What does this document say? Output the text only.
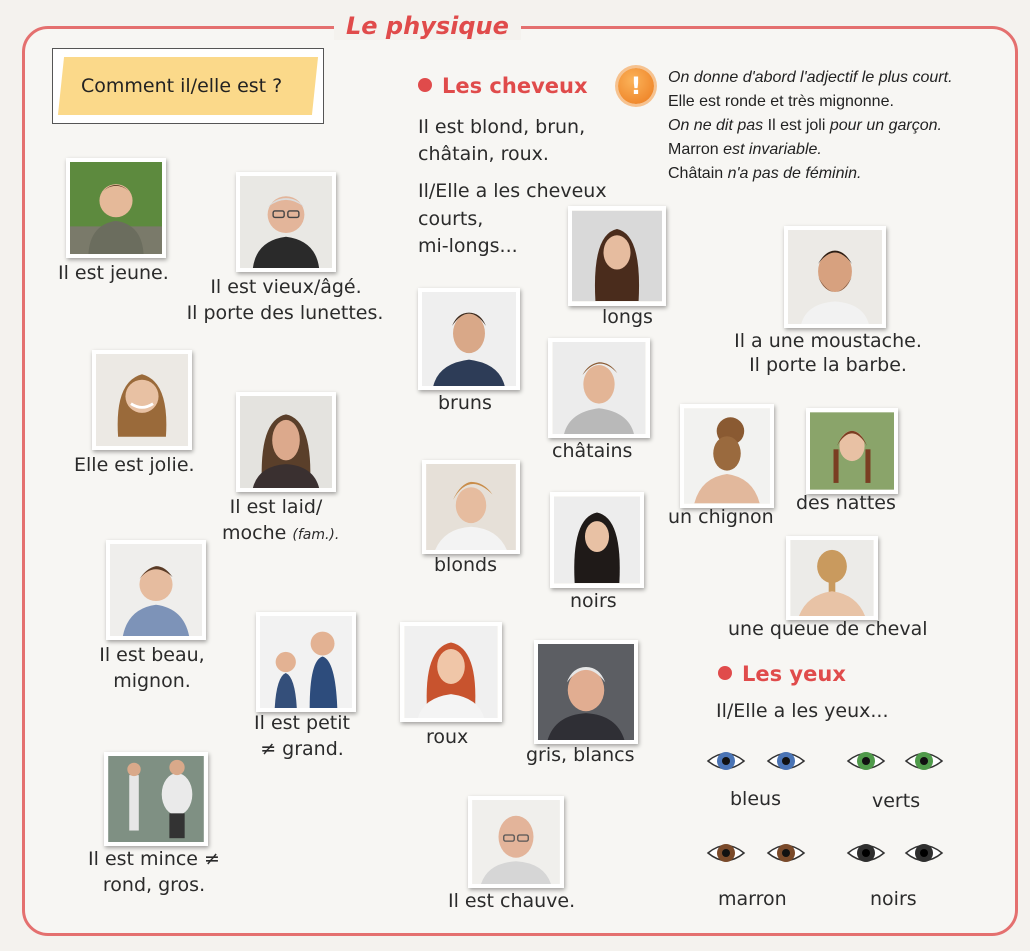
Le physique
Comment il/elle est ?
Il est jeune.
Il est vieux/âgé.
Il porte des lunettes.
Elle est jolie.
Il est laid/
moche (fam.).
Il est beau,
mignon.
Il est petit
≠ grand.
Il est mince ≠
rond, gros.
Les cheveux
Il est blond, brun,
châtain, roux.
Il/Elle a les cheveux
courts,
mi-longs...
longs
bruns
châtains
blonds
noirs
roux
gris, blancs
Il est chauve.
!	On donne d'abord l'adjectif le plus court.
Elle est ronde et très mignonne.
On ne dit pas Il est joli pour un garçon.
Marron est invariable.
Châtain n'a pas de féminin.
Il a une moustache.
Il porte la barbe.
un chignon
des nattes
une queue de cheval
Les yeux
Il/Elle a les yeux...
bleus	verts
marron	noirs
